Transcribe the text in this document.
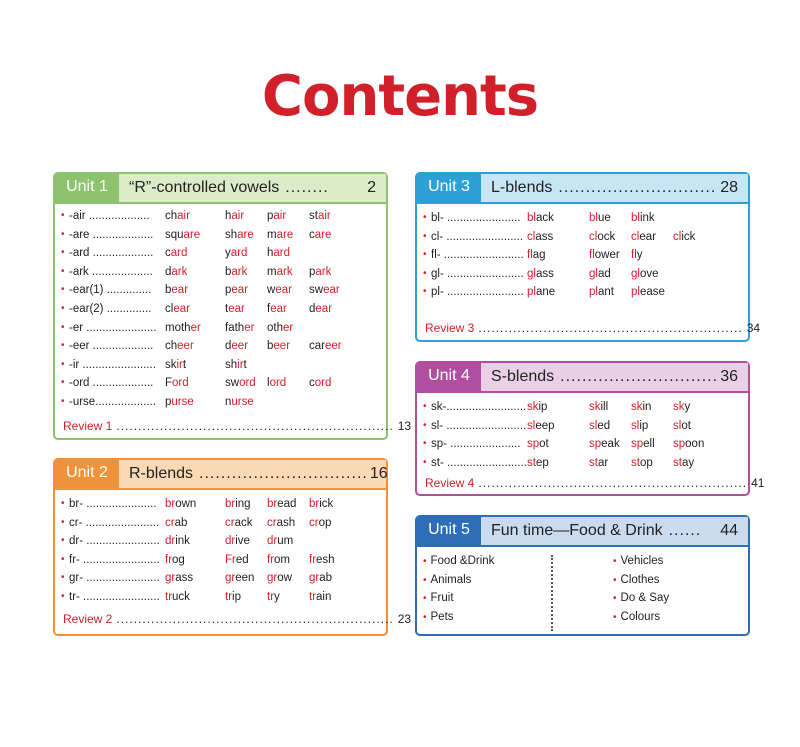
Contents
Unit 1	“R”-controlled vowels ........	2
• -air ...................	chair	hair pair stair
• -are ...................	square share mare care
• -ard ...................	card	yard hard
• -ark ...................	dark	bark mark park
• -ear(1) ..............	bear	pear wear swear
• -ear(2) ..............	clear	tear fear dear
• -er ...................... mother father other
• -eer ...................	cheer	deer beer career
• -ir ....................... skirt	shirt
• -ord ...................	Ford	sword lord cord
• -urse................... purse	nurse
Review 1 ................................................................ 13
Unit 2	R-blends ............................... 16
• br- ...................... brown bring bread brick
• cr- ....................... crab	crack crash crop
• dr- ....................... drink	drive drum
• fr- ........................ frog	Fred from fresh
• gr- ....................... grass	green grow grab
• tr- ........................ truck	trip try	train
Review 2 ................................................................ 23
Unit 3	L-blends ............................. 28
• bl- ....................... black	blue blink
• cl- ........................ class	clock clear click
• fl- ......................... flag	flower fly
• gl- ........................ glass	glad glove
• pl- ........................ plane	plant please
Review 3 ............................................................. 34
Unit 4	S-blends ............................. 36
• sk-......................... skip	skill skin sky
• sl- ......................... sleep	sled slip slot
• sp- ...................... spot	speak spell spoon
• st- ......................... step	star stop stay
Review 4 .............................................................. 41
Unit 5	Fun time—Food & Drink ......	44
• Food &Drink
• Animals
• Fruit
• Pets
• Vehicles
• Clothes
• Do & Say
• Colours
